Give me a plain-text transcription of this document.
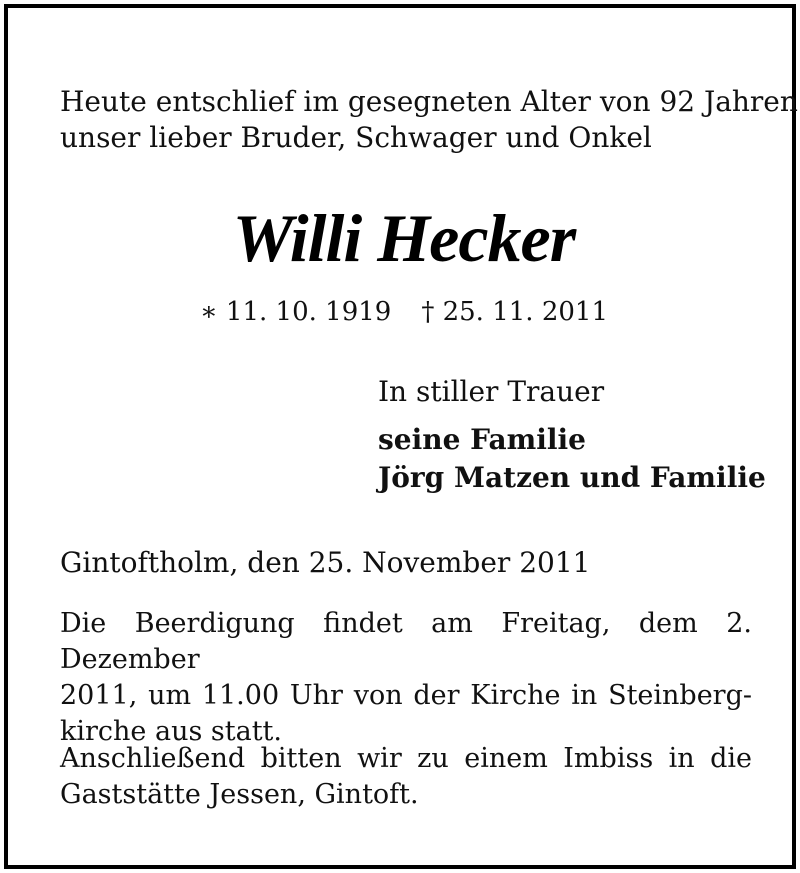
Heute entschlief im gesegneten Alter von 92 Jahren
unser lieber Bruder, Schwager und Onkel

Willi Hecker
∗ 11. 10. 1919 † 25. 11. 2011

In stiller Trauer

seine Familie

Jörg Matzen und Familie

Gintoftholm, den 25. November 2011

Die Beerdigung findet am Freitag, dem 2. Dezember
2011, um 11.00 Uhr von der Kirche in Steinberg-
kirche aus statt.
Anschließend bitten wir zu einem Imbiss in die
Gaststätte Jessen, Gintoft.
